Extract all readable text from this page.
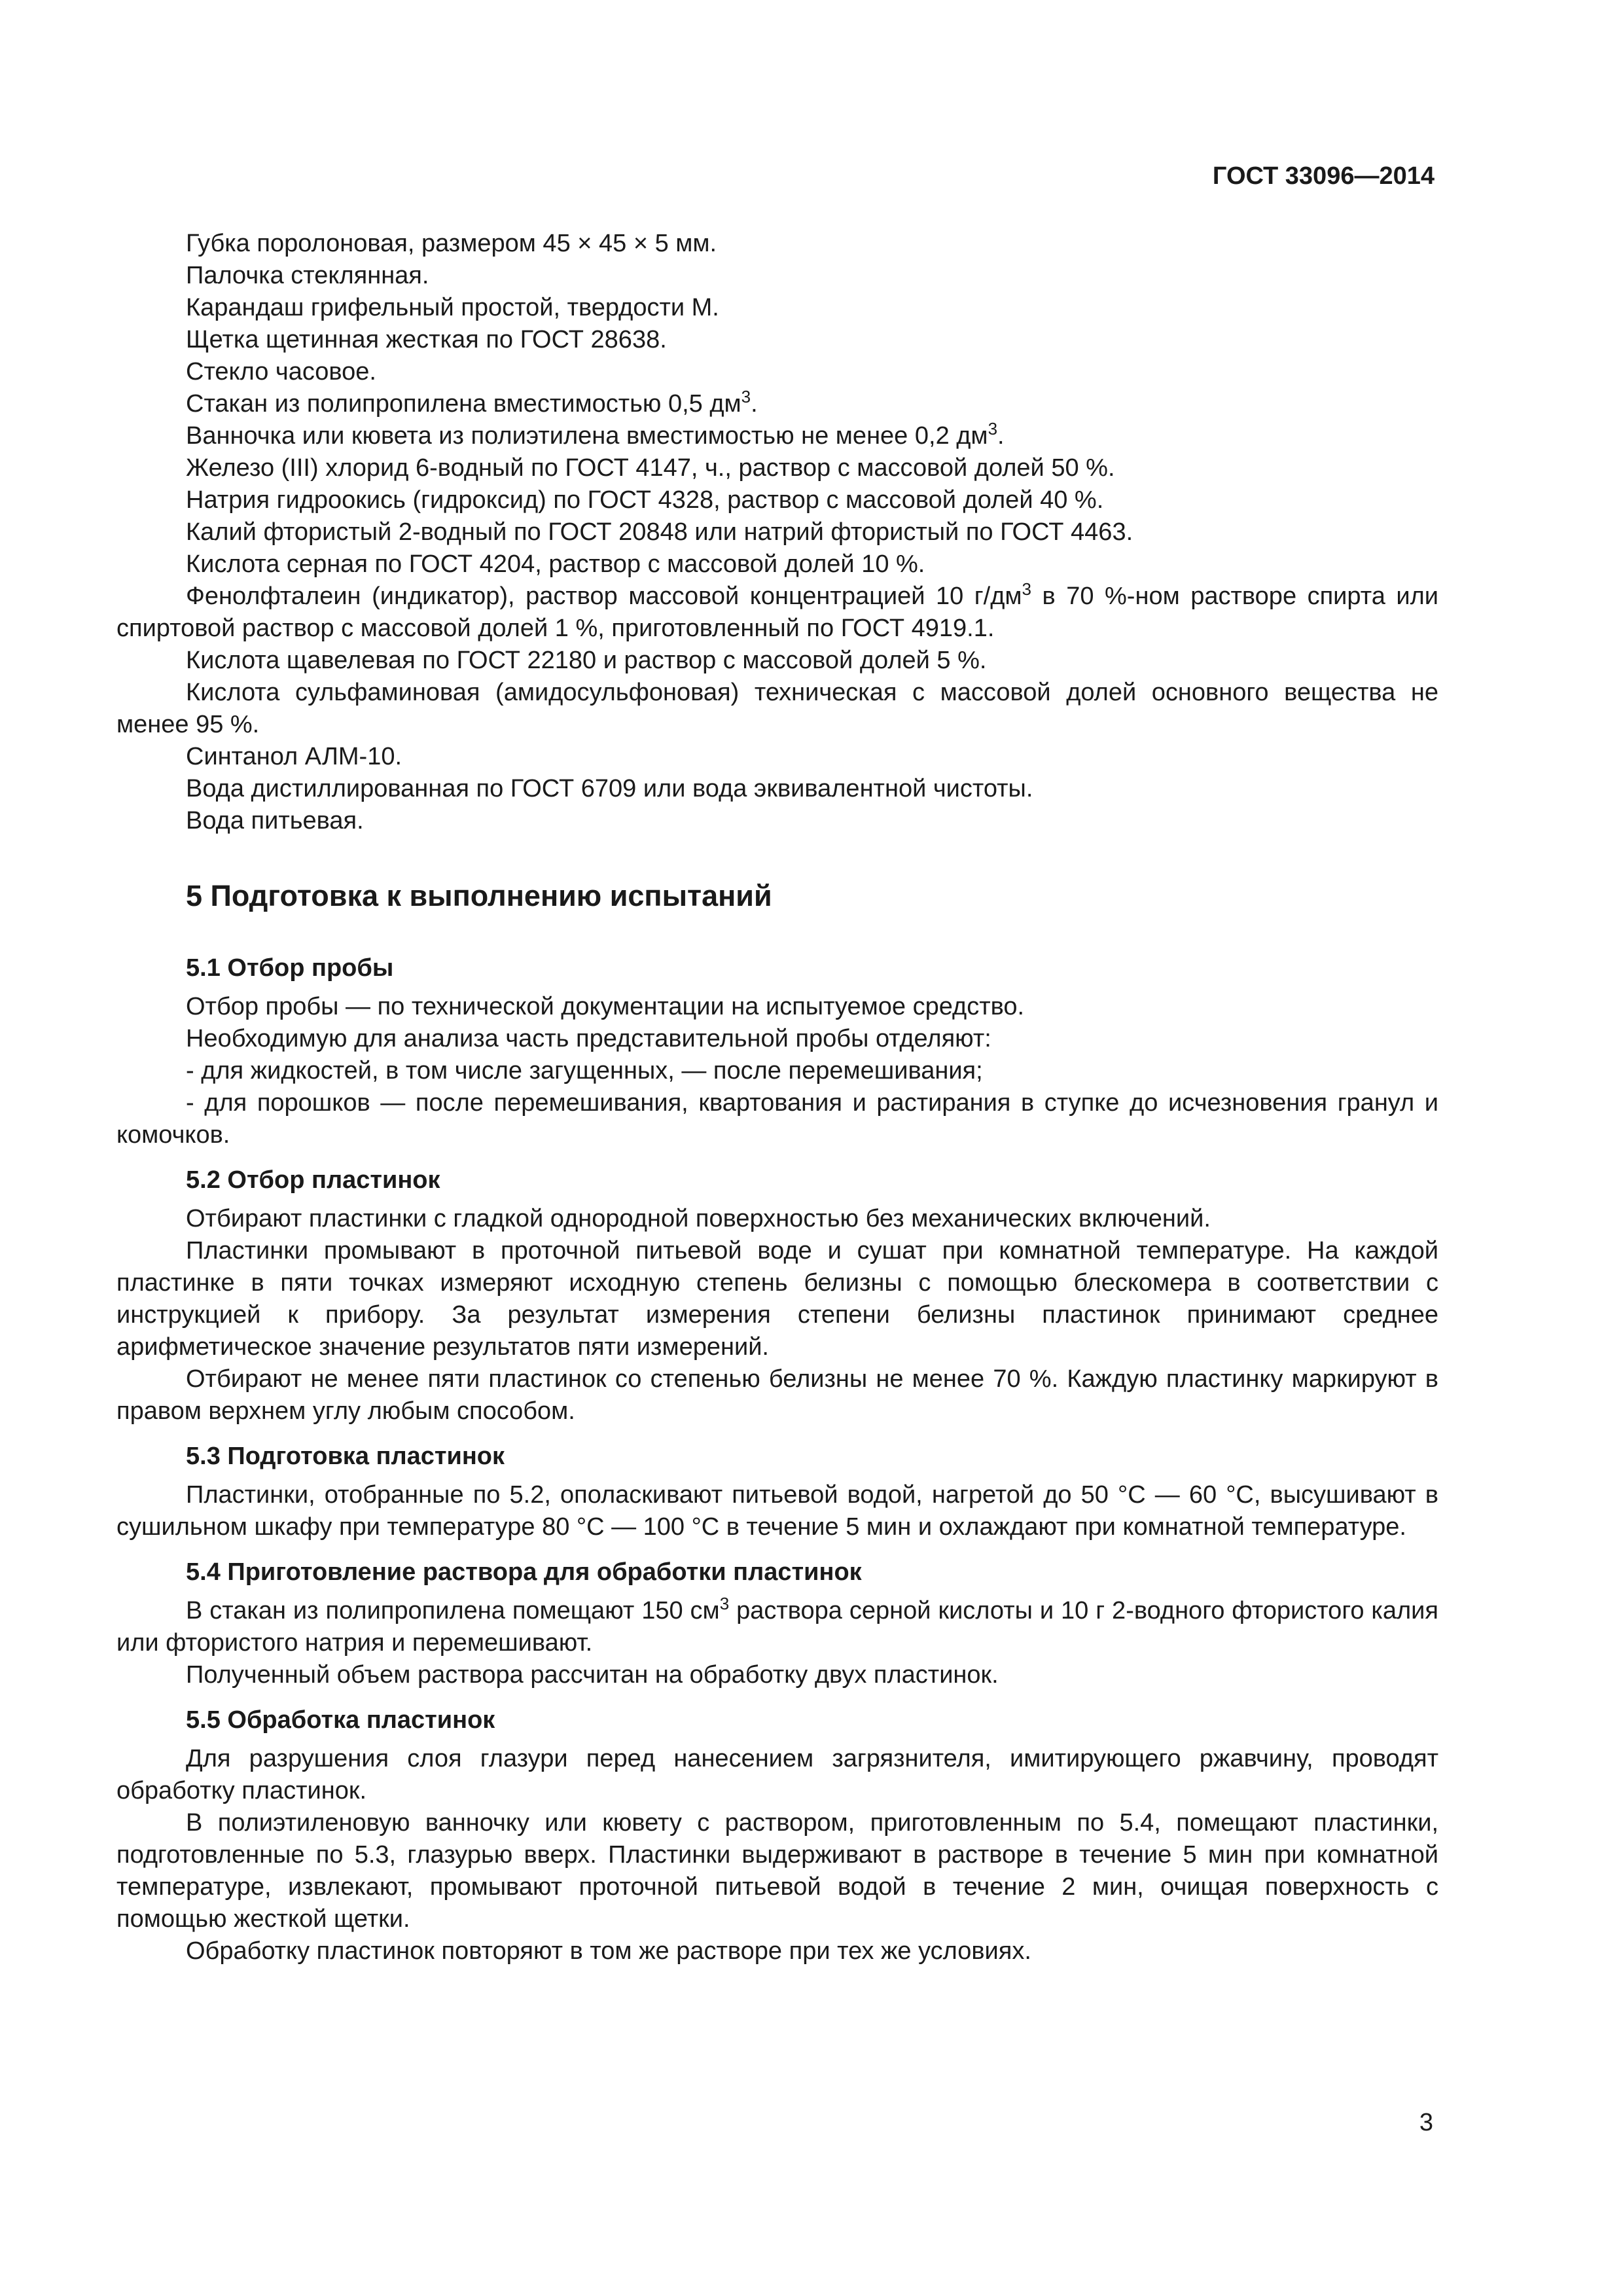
ГОСТ 33096—2014

Губка поролоновая, размером 45 × 45 × 5 мм.

Палочка стеклянная.

Карандаш грифельный простой, твердости М.

Щетка щетинная жесткая по ГОСТ 28638.

Стекло часовое.

Стакан из полипропилена вместимостью 0,5 $дм^3$.

Ванночка или кювета из полиэтилена вместимостью не менее 0,2 $дм^3$.

Железо (III) хлорид 6-водный по ГОСТ 4147, ч., раствор с массовой долей 50 %.

Натрия гидроокись (гидроксид) по ГОСТ 4328, раствор с массовой долей 40 %.

Калий фтористый 2-водный по ГОСТ 20848 или натрий фтористый по ГОСТ 4463.

Кислота серная по ГОСТ 4204, раствор с массовой долей 10 %.

Фенолфталеин (индикатор), раствор массовой концентрацией 10 $г/дм^3$ в 70 %-ном растворе спирта или спиртовой раствор с массовой долей 1 %, приготовленный по ГОСТ 4919.1.

Кислота щавелевая по ГОСТ 22180 и раствор с массовой долей 5 %.

Кислота сульфаминовая (амидосульфоновая) техническая с массовой долей основного вещества не менее 95 %.

Синтанол АЛМ-10.

Вода дистиллированная по ГОСТ 6709 или вода эквивалентной чистоты.

Вода питьевая.

5 Подготовка к выполнению испытаний
5.1 Отбор пробы

Отбор пробы — по технической документации на испытуемое средство.

Необходимую для анализа часть представительной пробы отделяют:

- для жидкостей, в том числе загущенных, — после перемешивания;

- для порошков — после перемешивания, квартования и растирания в ступке до исчезновения гранул и комочков.

5.2 Отбор пластинок

Отбирают пластинки с гладкой однородной поверхностью без механических включений.

Пластинки промывают в проточной питьевой воде и сушат при комнатной температуре. На каждой пластинке в пяти точках измеряют исходную степень белизны с помощью блескомера в соответствии с инструкцией к прибору. За результат измерения степени белизны пластинок принимают среднее арифметическое значение результатов пяти измерений.

Отбирают не менее пяти пластинок со степенью белизны не менее 70 %. Каждую пластинку маркируют в правом верхнем углу любым способом.

5.3 Подготовка пластинок

Пластинки, отобранные по 5.2, ополаскивают питьевой водой, нагретой до 50 °С — 60 °С, высушивают в сушильном шкафу при температуре 80 °С — 100 °С в течение 5 мин и охлаждают при комнатной температуре.

5.4 Приготовление раствора для обработки пластинок

В стакан из полипропилена помещают 150 $см^3$ раствора серной кислоты и 10 г 2-водного фтористого калия или фтористого натрия и перемешивают.

Полученный объем раствора рассчитан на обработку двух пластинок.

5.5 Обработка пластинок

Для разрушения слоя глазури перед нанесением загрязнителя, имитирующего ржавчину, проводят обработку пластинок.

В полиэтиленовую ванночку или кювету с раствором, приготовленным по 5.4, помещают пластинки, подготовленные по 5.3, глазурью вверх. Пластинки выдерживают в растворе в течение 5 мин при комнатной температуре, извлекают, промывают проточной питьевой водой в течение 2 мин, очищая поверхность с помощью жесткой щетки.

Обработку пластинок повторяют в том же растворе при тех же условиях.

3
